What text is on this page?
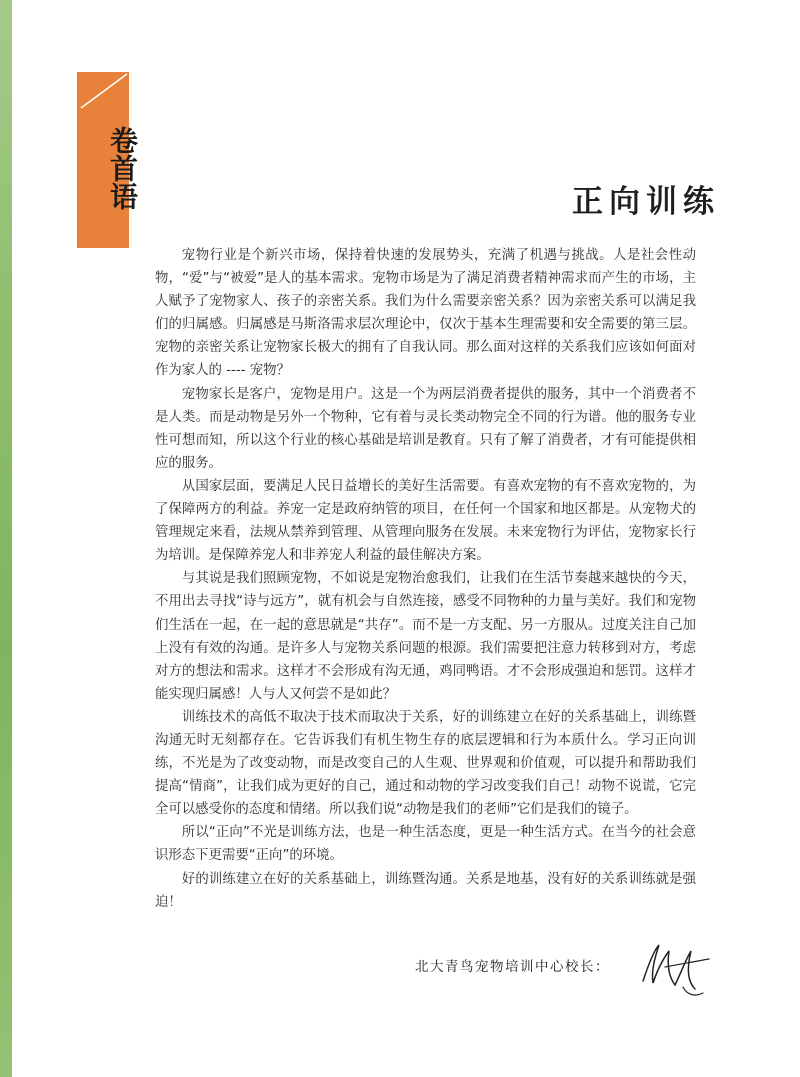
卷首语	正向训练

宠物行业是个新兴市场，保持着快速的发展势头，充满了机遇与挑战。人是社会性动物，“爱”与“被爱”是人的基本需求。宠物市场是为了满足消费者精神需求而产生的市场，主人赋予了宠物家人、孩子的亲密关系。我们为什么需要亲密关系？因为亲密关系可以满足我们的归属感。归属感是马斯洛需求层次理论中，仅次于基本生理需要和安全需要的第三层。宠物的亲密关系让宠物家长极大的拥有了自我认同。那么面对这样的关系我们应该如何面对作为家人的 ---- 宠物？

宠物家长是客户，宠物是用户。这是一个为两层消费者提供的服务，其中一个消费者不是人类。而是动物是另外一个物种，它有着与灵长类动物完全不同的行为谱。他的服务专业性可想而知，所以这个行业的核心基础是培训是教育。只有了解了消费者，才有可能提供相应的服务。

从国家层面，要满足人民日益增长的美好生活需要。有喜欢宠物的有不喜欢宠物的，为了保障两方的利益。养宠一定是政府纳管的项目，在任何一个国家和地区都是。从宠物犬的管理规定来看，法规从禁养到管理、从管理向服务在发展。未来宠物行为评估，宠物家长行为培训。是保障养宠人和非养宠人利益的最佳解决方案。

与其说是我们照顾宠物，不如说是宠物治愈我们，让我们在生活节奏越来越快的今天，不用出去寻找“诗与远方”，就有机会与自然连接，感受不同物种的力量与美好。我们和宠物们生活在一起，在一起的意思就是“共存”。而不是一方支配、另一方服从。过度关注自己加上没有有效的沟通。是许多人与宠物关系问题的根源。我们需要把注意力转移到对方，考虑对方的想法和需求。这样才不会形成有沟无通，鸡同鸭语。才不会形成强迫和惩罚。这样才能实现归属感！人与人又何尝不是如此？

训练技术的高低不取决于技术而取决于关系，好的训练建立在好的关系基础上，训练暨沟通无时无刻都存在。它告诉我们有机生物生存的底层逻辑和行为本质什么。学习正向训练，不光是为了改变动物，而是改变自己的人生观、世界观和价值观，可以提升和帮助我们提高“情商”，让我们成为更好的自己，通过和动物的学习改变我们自己！动物不说谎，它完全可以感受你的态度和情绪。所以我们说“动物是我们的老师”它们是我们的镜子。

所以“正向”不光是训练方法，也是一种生活态度，更是一种生活方式。在当今的社会意识形态下更需要“正向”的环境。

好的训练建立在好的关系基础上，训练暨沟通。关系是地基，没有好的关系训练就是强迫！

北大青鸟宠物培训中心校长：
